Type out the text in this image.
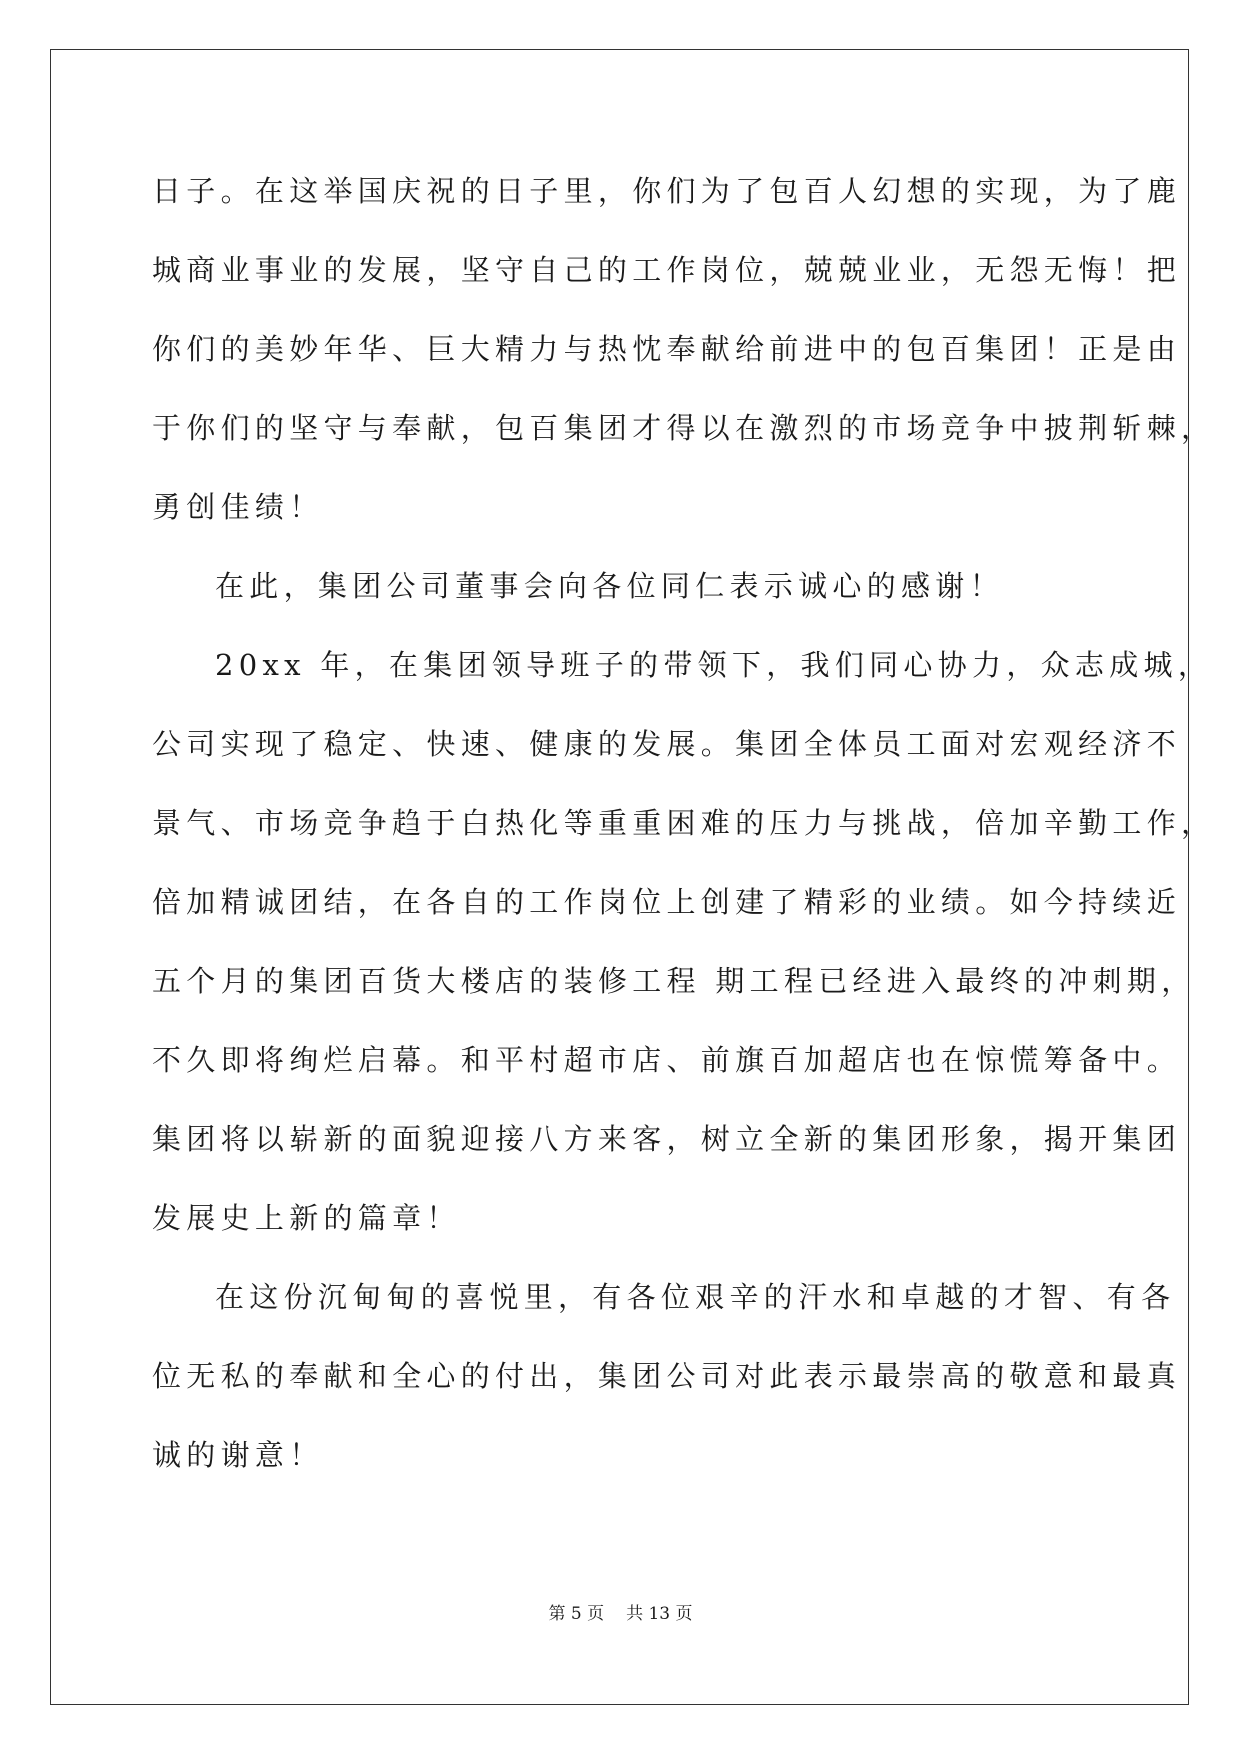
日子。在这举国庆祝的日子里，你们为了包百人幻想的实现，为了鹿
城商业事业的发展，坚守自己的工作岗位，兢兢业业，无怨无悔！把
你们的美妙年华、巨大精力与热忱奉献给前进中的包百集团！正是由
于你们的坚守与奉献，包百集团才得以在激烈的市场竞争中披荆斩棘，
勇创佳绩！
在此，集团公司董事会向各位同仁表示诚心的感谢！
20xx 年，在集团领导班子的带领下，我们同心协力，众志成城，
公司实现了稳定、快速、健康的发展。集团全体员工面对宏观经济不
景气、市场竞争趋于白热化等重重困难的压力与挑战，倍加辛勤工作，
倍加精诚团结，在各自的工作岗位上创建了精彩的业绩。如今持续近
五个月的集团百货大楼店的装修工程 期工程已经进入最终的冲刺期，
不久即将绚烂启幕。和平村超市店、前旗百加超店也在惊慌筹备中。
集团将以崭新的面貌迎接八方来客，树立全新的集团形象，揭开集团
发展史上新的篇章！
在这份沉甸甸的喜悦里，有各位艰辛的汗水和卓越的才智、有各
位无私的奉献和全心的付出，集团公司对此表示最崇高的敬意和最真
诚的谢意！
第 5 页 共 13 页
